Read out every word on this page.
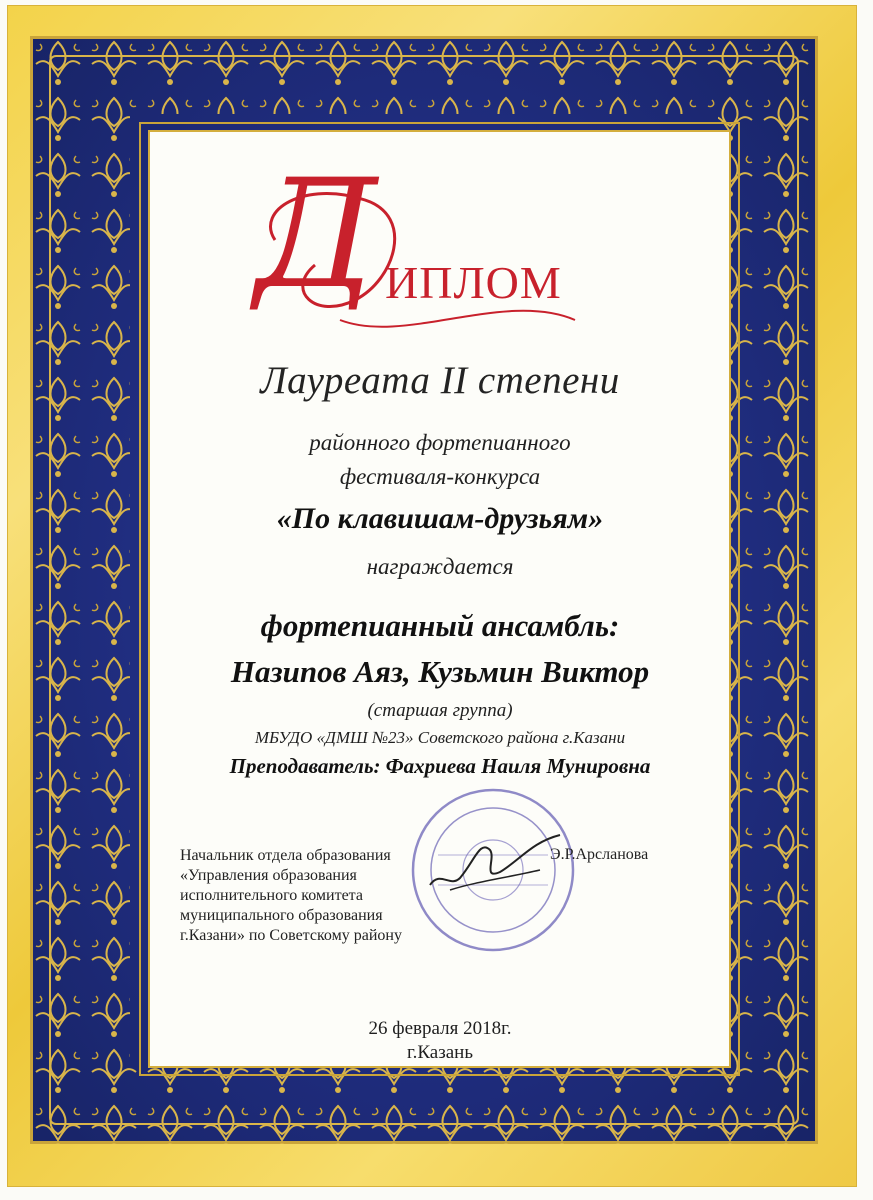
Д ИПЛОМ
Лауреата II степени
районного фортепианного
фестиваля-конкурса
«По клавишам-друзьям»
награждается
фортепианный ансамбль:
Назипов Аяз, Кузьмин Виктор
(старшая группа)
МБУДО «ДМШ №23» Советского района г.Казани
Преподаватель: Фахриева Наиля Мунировна
Начальник отдела образования
«Управления образования
исполнительного комитета
муниципального образования
г.Казани» по Советскому району
Э.Р.Арсланова
26 февраля 2018г.
г.Казань
